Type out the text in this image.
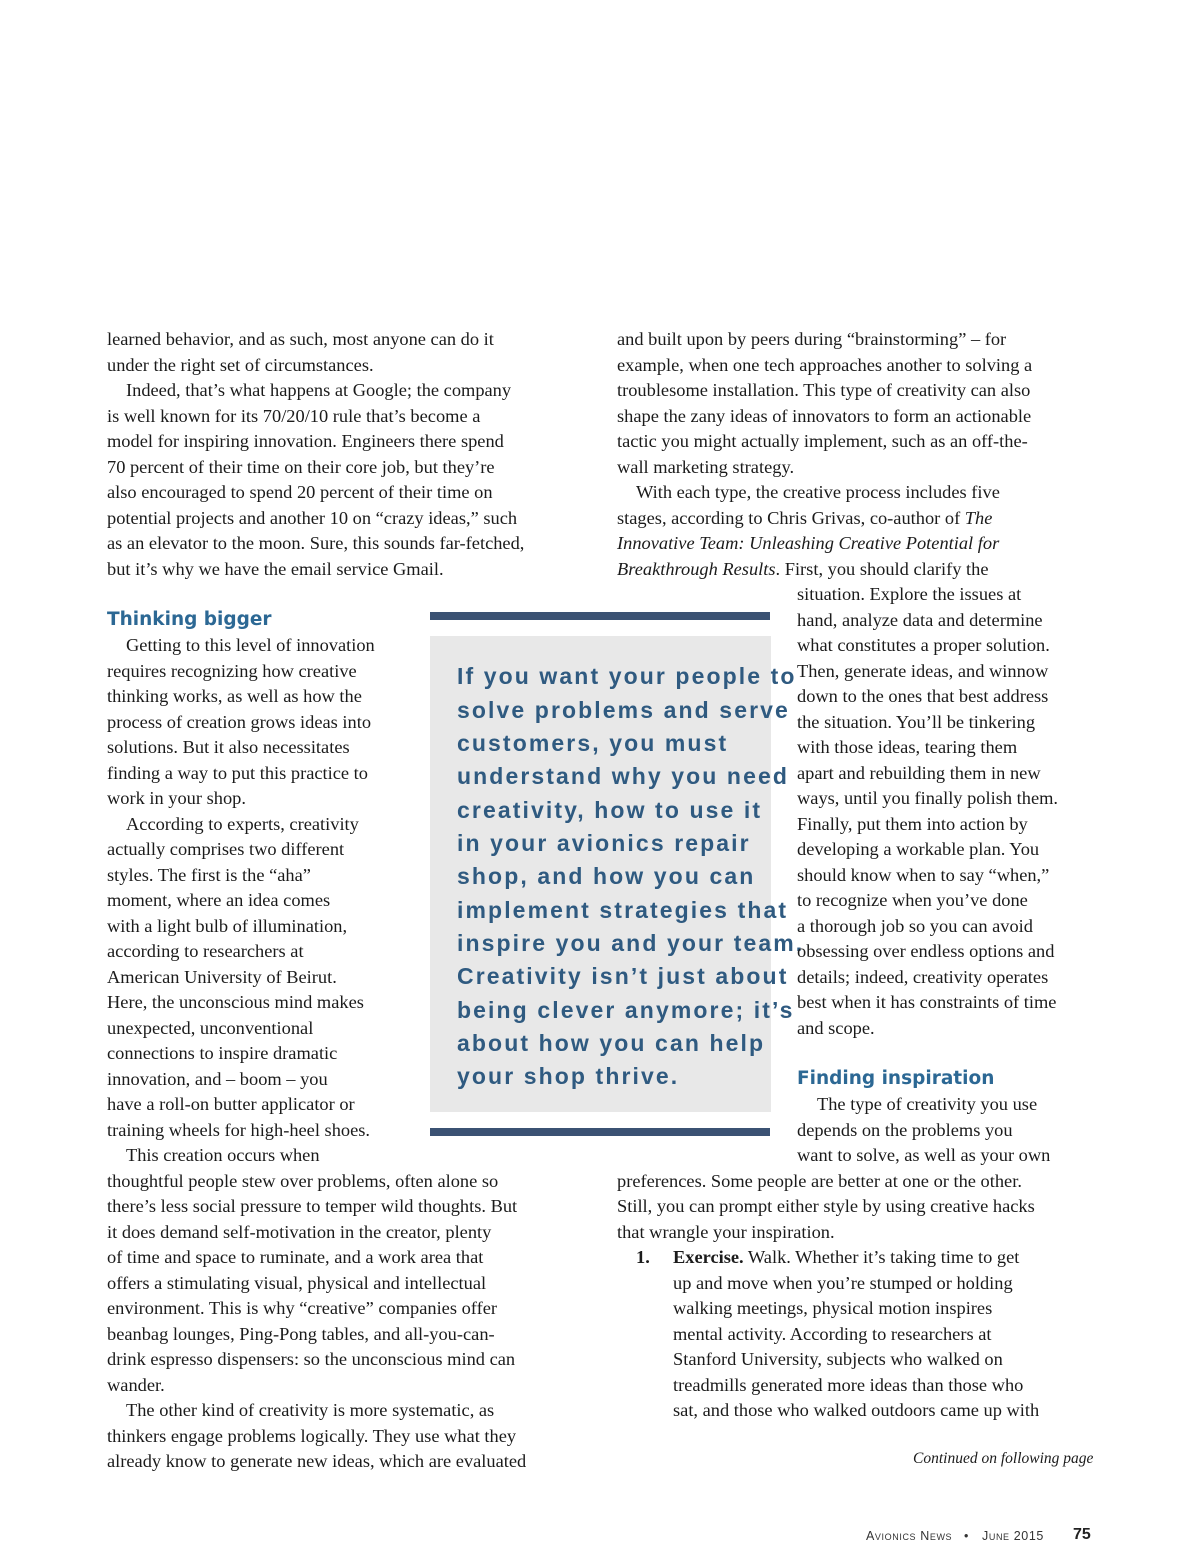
learned behavior, and as such, most anyone can do it

under the right set of circumstances.

Indeed, that’s what happens at Google; the company

is well known for its 70/20/10 rule that’s become a

model for inspiring innovation. Engineers there spend

70 percent of their time on their core job, but they’re

also encouraged to spend 20 percent of their time on

potential projects and another 10 on “crazy ideas,” such

as an elevator to the moon. Sure, this sounds far-fetched,

but it’s why we have the email service Gmail.

Thinking bigger

Getting to this level of innovation

requires recognizing how creative

thinking works, as well as how the

process of creation grows ideas into

solutions. But it also necessitates

finding a way to put this practice to

work in your shop.

According to experts, creativity

actually comprises two different

styles. The first is the “aha”

moment, where an idea comes

with a light bulb of illumination,

according to researchers at

American University of Beirut.

Here, the unconscious mind makes

unexpected, unconventional

connections to inspire dramatic

innovation, and – boom – you

have a roll-on butter applicator or

training wheels for high-heel shoes.

This creation occurs when

thoughtful people stew over problems, often alone so

there’s less social pressure to temper wild thoughts. But

it does demand self-motivation in the creator, plenty

of time and space to ruminate, and a work area that

offers a stimulating visual, physical and intellectual

environment. This is why “creative” companies offer

beanbag lounges, Ping-Pong tables, and all-you-can-

drink espresso dispensers: so the unconscious mind can

wander.

The other kind of creativity is more systematic, as

thinkers engage problems logically. They use what they

already know to generate new ideas, which are evaluated

If you want your people to

solve problems and serve

customers, you must

understand why you need

creativity, how to use it

in your avionics repair

shop, and how you can

implement strategies that

inspire you and your team.

Creativity isn’t just about

being clever anymore; it’s

about how you can help

your shop thrive.

and built upon by peers during “brainstorming” – for

example, when one tech approaches another to solving a

troublesome installation. This type of creativity can also

shape the zany ideas of innovators to form an actionable

tactic you might actually implement, such as an off-the-

wall marketing strategy.

With each type, the creative process includes five

stages, according to Chris Grivas, co-author of The

Innovative Team: Unleashing Creative Potential for

Breakthrough Results. First, you should clarify the

situation. Explore the issues at

hand, analyze data and determine

what constitutes a proper solution.

Then, generate ideas, and winnow

down to the ones that best address

the situation. You’ll be tinkering

with those ideas, tearing them

apart and rebuilding them in new

ways, until you finally polish them.

Finally, put them into action by

developing a workable plan. You

should know when to say “when,”

to recognize when you’ve done

a thorough job so you can avoid

obsessing over endless options and

details; indeed, creativity operates

best when it has constraints of time

and scope.

Finding inspiration

The type of creativity you use

depends on the problems you

want to solve, as well as your own

preferences. Some people are better at one or the other.

Still, you can prompt either style by using creative hacks

that wrangle your inspiration.

1. Exercise. Walk. Whether it’s taking time to get

up and move when you’re stumped or holding

walking meetings, physical motion inspires

mental activity. According to researchers at

Stanford University, subjects who walked on

treadmills generated more ideas than those who

sat, and those who walked outdoors came up with

Continued on following page
Avionics News • June 2015 75
